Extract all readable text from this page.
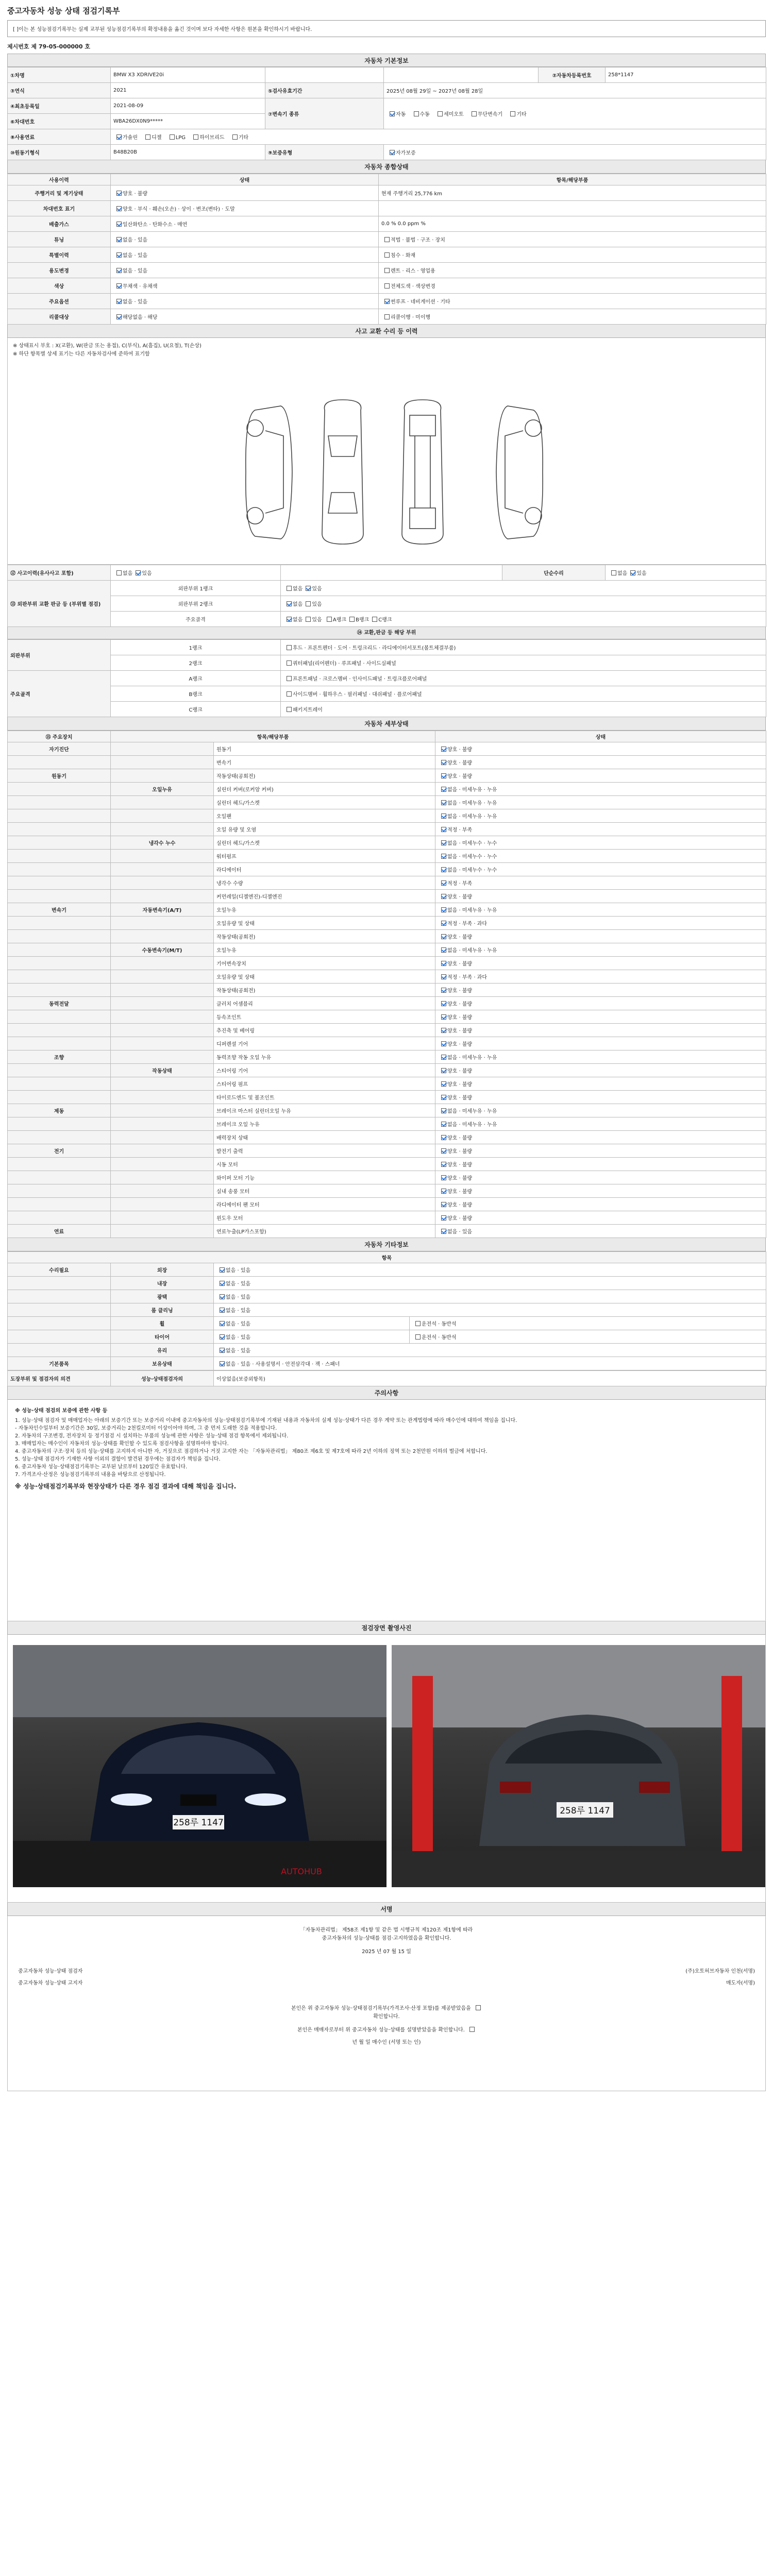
중고자동차 성능 상태 점검기록부
[ ]이는 본 성능점검기록부는 실제 교부된 성능점검기록부의 확정내용을 옮긴 것이며 보다 자세한 사항은 원본을 확인하시기 바랍니다.
제시번호 제 79-05-000000 호
자동차 기본정보
①차명	BMW X3 XDRIVE20i			②자동차등록번호	258*1147
③연식	2021	⑤검사유효기간	2025년 08월 29일 ~ 2027년 08월 28일		
④최초등록일	2021-08-09	⑦변속기 종류	자동 수동 세미오토 무단변속기 기타		
⑥차대번호	WBA26DX0N9*****				
⑧사용연료	가솔린 디젤 LPG 하이브리드 기타				
⑩원동기형식	B48B20B	⑨보증유형	자가보증		
자동차 종합상태
사용이력	상태	항목/해당부품
주행거리 및 계기상태	양호 · 불량	현재 주행거리 25,776 km
차대번호 표기	양호 · 부식 · 훼손(오손) · 상이 · 변조(변타) · 도말	
배출가스	일산화탄소 · 탄화수소 · 매연	0.0 % 0.0 ppm %
튜닝	없음 · 있음	적법 · 불법 · 구조 · 장치
특별이력	없음 · 있음	침수 · 화재
용도변경	없음 · 있음	렌트 · 리스 · 영업용
색상	무채색 · 유채색	전체도색 · 색상변경
주요옵션	없음 · 있음	썬루프 · 네비게이션 · 기타
리콜대상	해당없음 · 해당	리콜이행 · 미이행
사고 교환 수리 등 이력
※ 상태표시 부호 : X(교환), W(판금 또는 용접), C(부식), A(흠집), U(요철), T(손상)
※ 하단 항목별 상세 표기는 다른 자동차검사에 준하여 표기함
⑫ 사고이력(유사사고 포함)	없음 있음		단순수리	없음 있음
⑬ 외판부위 교환 판금 등 (부위별 점검)	외판부위 1랭크	없음 있음		
	외판부위 2랭크	없음 있음		
	주요골격	없음 있음 A랭크 B랭크 C랭크		
⑭ 교환,판금 등 해당 부위
외판부위	1랭크	후드 · 프론트펜더 · 도어 · 트렁크리드 · 라디에이터서포트(볼트체결부품)
	2랭크	쿼터패널(리어펜더) · 루프패널 · 사이드실패널
주요골격	A랭크	프론트패널 · 크로스멤버 · 인사이드패널 · 트렁크플로어패널
	B랭크	사이드멤버 · 휠하우스 · 필러패널 · 대쉬패널 · 플로어패널
	C랭크	패키지트레이
자동차 세부상태
⑮ 주요장치	항목/해당부품		상태
자기진단		원동기	양호 · 불량
		변속기	양호 · 불량
원동기		작동상태(공회전)	양호 · 불량
	오일누유	실린더 커버(로커암 커버)	없음 · 미세누유 · 누유
		실린더 헤드/가스켓	없음 · 미세누유 · 누유
		오일팬	없음 · 미세누유 · 누유
		오일 유량 및 오염	적정 · 부족
	냉각수 누수	실린더 헤드/가스켓	없음 · 미세누수 · 누수
		워터펌프	없음 · 미세누수 · 누수
		라디에이터	없음 · 미세누수 · 누수
		냉각수 수량	적정 · 부족
		커먼레일(디젤엔진)-디젤엔진	양호 · 불량
변속기	자동변속기(A/T)	오일누유	없음 · 미세누유 · 누유
		오일유량 및 상태	적정 · 부족 · 과다
		작동상태(공회전)	양호 · 불량
	수동변속기(M/T)	오일누유	없음 · 미세누유 · 누유
		기어변속장치	양호 · 불량
		오일유량 및 상태	적정 · 부족 · 과다
		작동상태(공회전)	양호 · 불량
동력전달		클러치 어셈블리	양호 · 불량
		등속조인트	양호 · 불량
		추진축 및 베어링	양호 · 불량
		디퍼렌셜 기어	양호 · 불량
조향		동력조향 작동 오일 누유	없음 · 미세누유 · 누유
	작동상태	스티어링 기어	양호 · 불량
		스티어링 펌프	양호 · 불량
		타이로드엔드 및 볼조인트	양호 · 불량
제동		브레이크 마스터 실린더오일 누유	없음 · 미세누유 · 누유
		브레이크 오일 누유	없음 · 미세누유 · 누유
		배력장치 상태	양호 · 불량
전기		발전기 출력	양호 · 불량
		시동 모터	양호 · 불량
		와이퍼 모터 기능	양호 · 불량
		실내 송풍 모터	양호 · 불량
		라디에이터 팬 모터	양호 · 불량
		윈도우 모터	양호 · 불량
연료		연료누출(LP가스포함)	없음 · 있음
자동차 기타정보
항목			
수리필요	외장	없음 · 있음	
	내장	없음 · 있음	
	광택	없음 · 있음	
	룸 클리닝	없음 · 있음	
	휠	없음 · 있음	운전석 · 동반석
	타이어	없음 · 있음	운전석 · 동반석
	유리	없음 · 있음	
기본품목	보유상태	없음 · 있음 · 사용설명서 · 안전삼각대 · 잭 · 스패너	
도장부위 및 점검자의 의견	성능·상태점검자의	이상없음(보증외항목)
주의사항

※ 성능·상태 점검의 보증에 관한 사항 등

1. 성능·상태 점검자 및 매매업자는 아래의 보증기간 또는 보증거리 이내에 중고자동차의 성능·상태점검기록부에 기재된 내용과 자동차의 실제 성능·상태가 다른 경우 계약 또는 관계법령에 따라 매수인에 대하여 책임을 집니다.

- 자동차인수일부터 보증기간은 30일, 보증거리는 2천킬로미터 이상이어야 하며, 그 중 먼저 도래한 것을 적용합니다.

2. 자동차의 구조변경, 전자장치 등 정기점검 시 설치하는 부품의 성능에 관한 사항은 성능·상태 점검 항목에서 제외됩니다.

3. 매매업자는 매수인이 자동차의 성능·상태를 확인할 수 있도록 점검사항을 설명하여야 합니다.

4. 중고자동차의 구조·장치 등의 성능·상태를 고지하지 아니한 자, 거짓으로 점검하거나 거짓 고지한 자는 「자동차관리법」 제80조 제6호 및 제7호에 따라 2년 이하의 징역 또는 2천만원 이하의 벌금에 처합니다.

5. 성능·상태 점검자가 기재한 사항 이외의 결함이 발견된 경우에는 점검자가 책임을 집니다.

6. 중고자동차 성능·상태점검기록부는 교부된 날로부터 120일간 유효합니다.

7. 가격조사·산정은 성능점검기록부의 내용을 바탕으로 산정됩니다.

※ 성능·상태점검기록부와 현장상태가 다른 경우 점검 결과에 대해 책임을 집니다.

점검장면 촬영사진
258루 1147
AUTOHUB
258루 1147
서명
「자동차관리법」 제58조 제1항 및 같은 법 시행규칙 제120조 제1항에 따라
중고자동차의 성능·상태를 점검·고지하였음을 확인합니다.
2025 년 07 월 15 일
중고자동차 성능·상태 점검자	(주)오토허브자동차 인천(서명)
중고자동차 성능·상태 고지자	매도자(서명)
본인은 위 중고자동차 성능·상태점검기록부(가격조사·산정 포함)를 제공받았음을
확인합니다.
본인은 매매자로부터 위 중고자동차 성능·상태를 설명받았음을 확인합니다.
년 월 일 매수인 (서명 또는 인)
